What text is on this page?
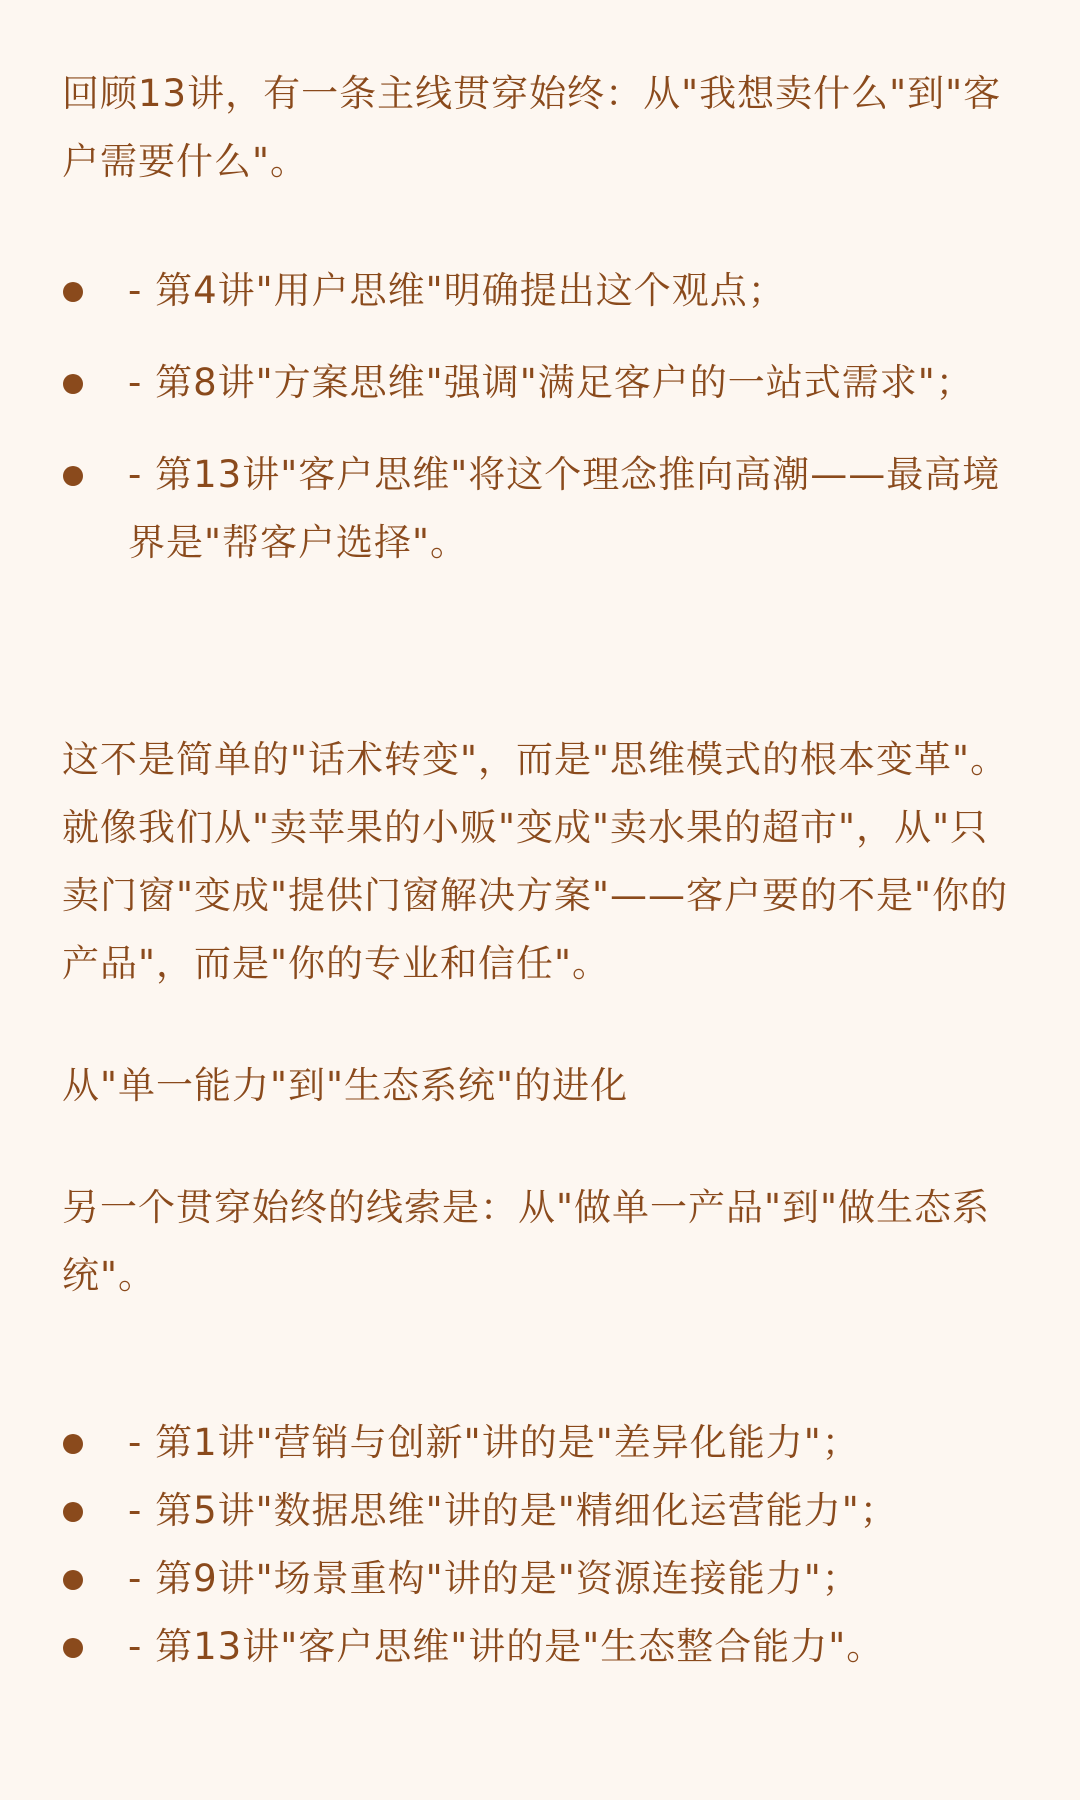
回顾13讲，有一条主线贯穿始终：从"我想卖什么"到"客户需要什么"。

- 第4讲"用户思维"明确提出这个观点；
- 第8讲"方案思维"强调"满足客户的一站式需求"；
- 第13讲"客户思维"将这个理念推向高潮——最高境界是"帮客户选择"。

这不是简单的"话术转变"，而是"思维模式的根本变革"。就像我们从"卖苹果的小贩"变成"卖水果的超市"，从"只卖门窗"变成"提供门窗解决方案"——客户要的不是"你的产品"，而是"你的专业和信任"。

从"单一能力"到"生态系统"的进化

另一个贯穿始终的线索是：从"做单一产品"到"做生态系统"。

- 第1讲"营销与创新"讲的是"差异化能力"；
- 第5讲"数据思维"讲的是"精细化运营能力"；
- 第9讲"场景重构"讲的是"资源连接能力"；
- 第13讲"客户思维"讲的是"生态整合能力"。
